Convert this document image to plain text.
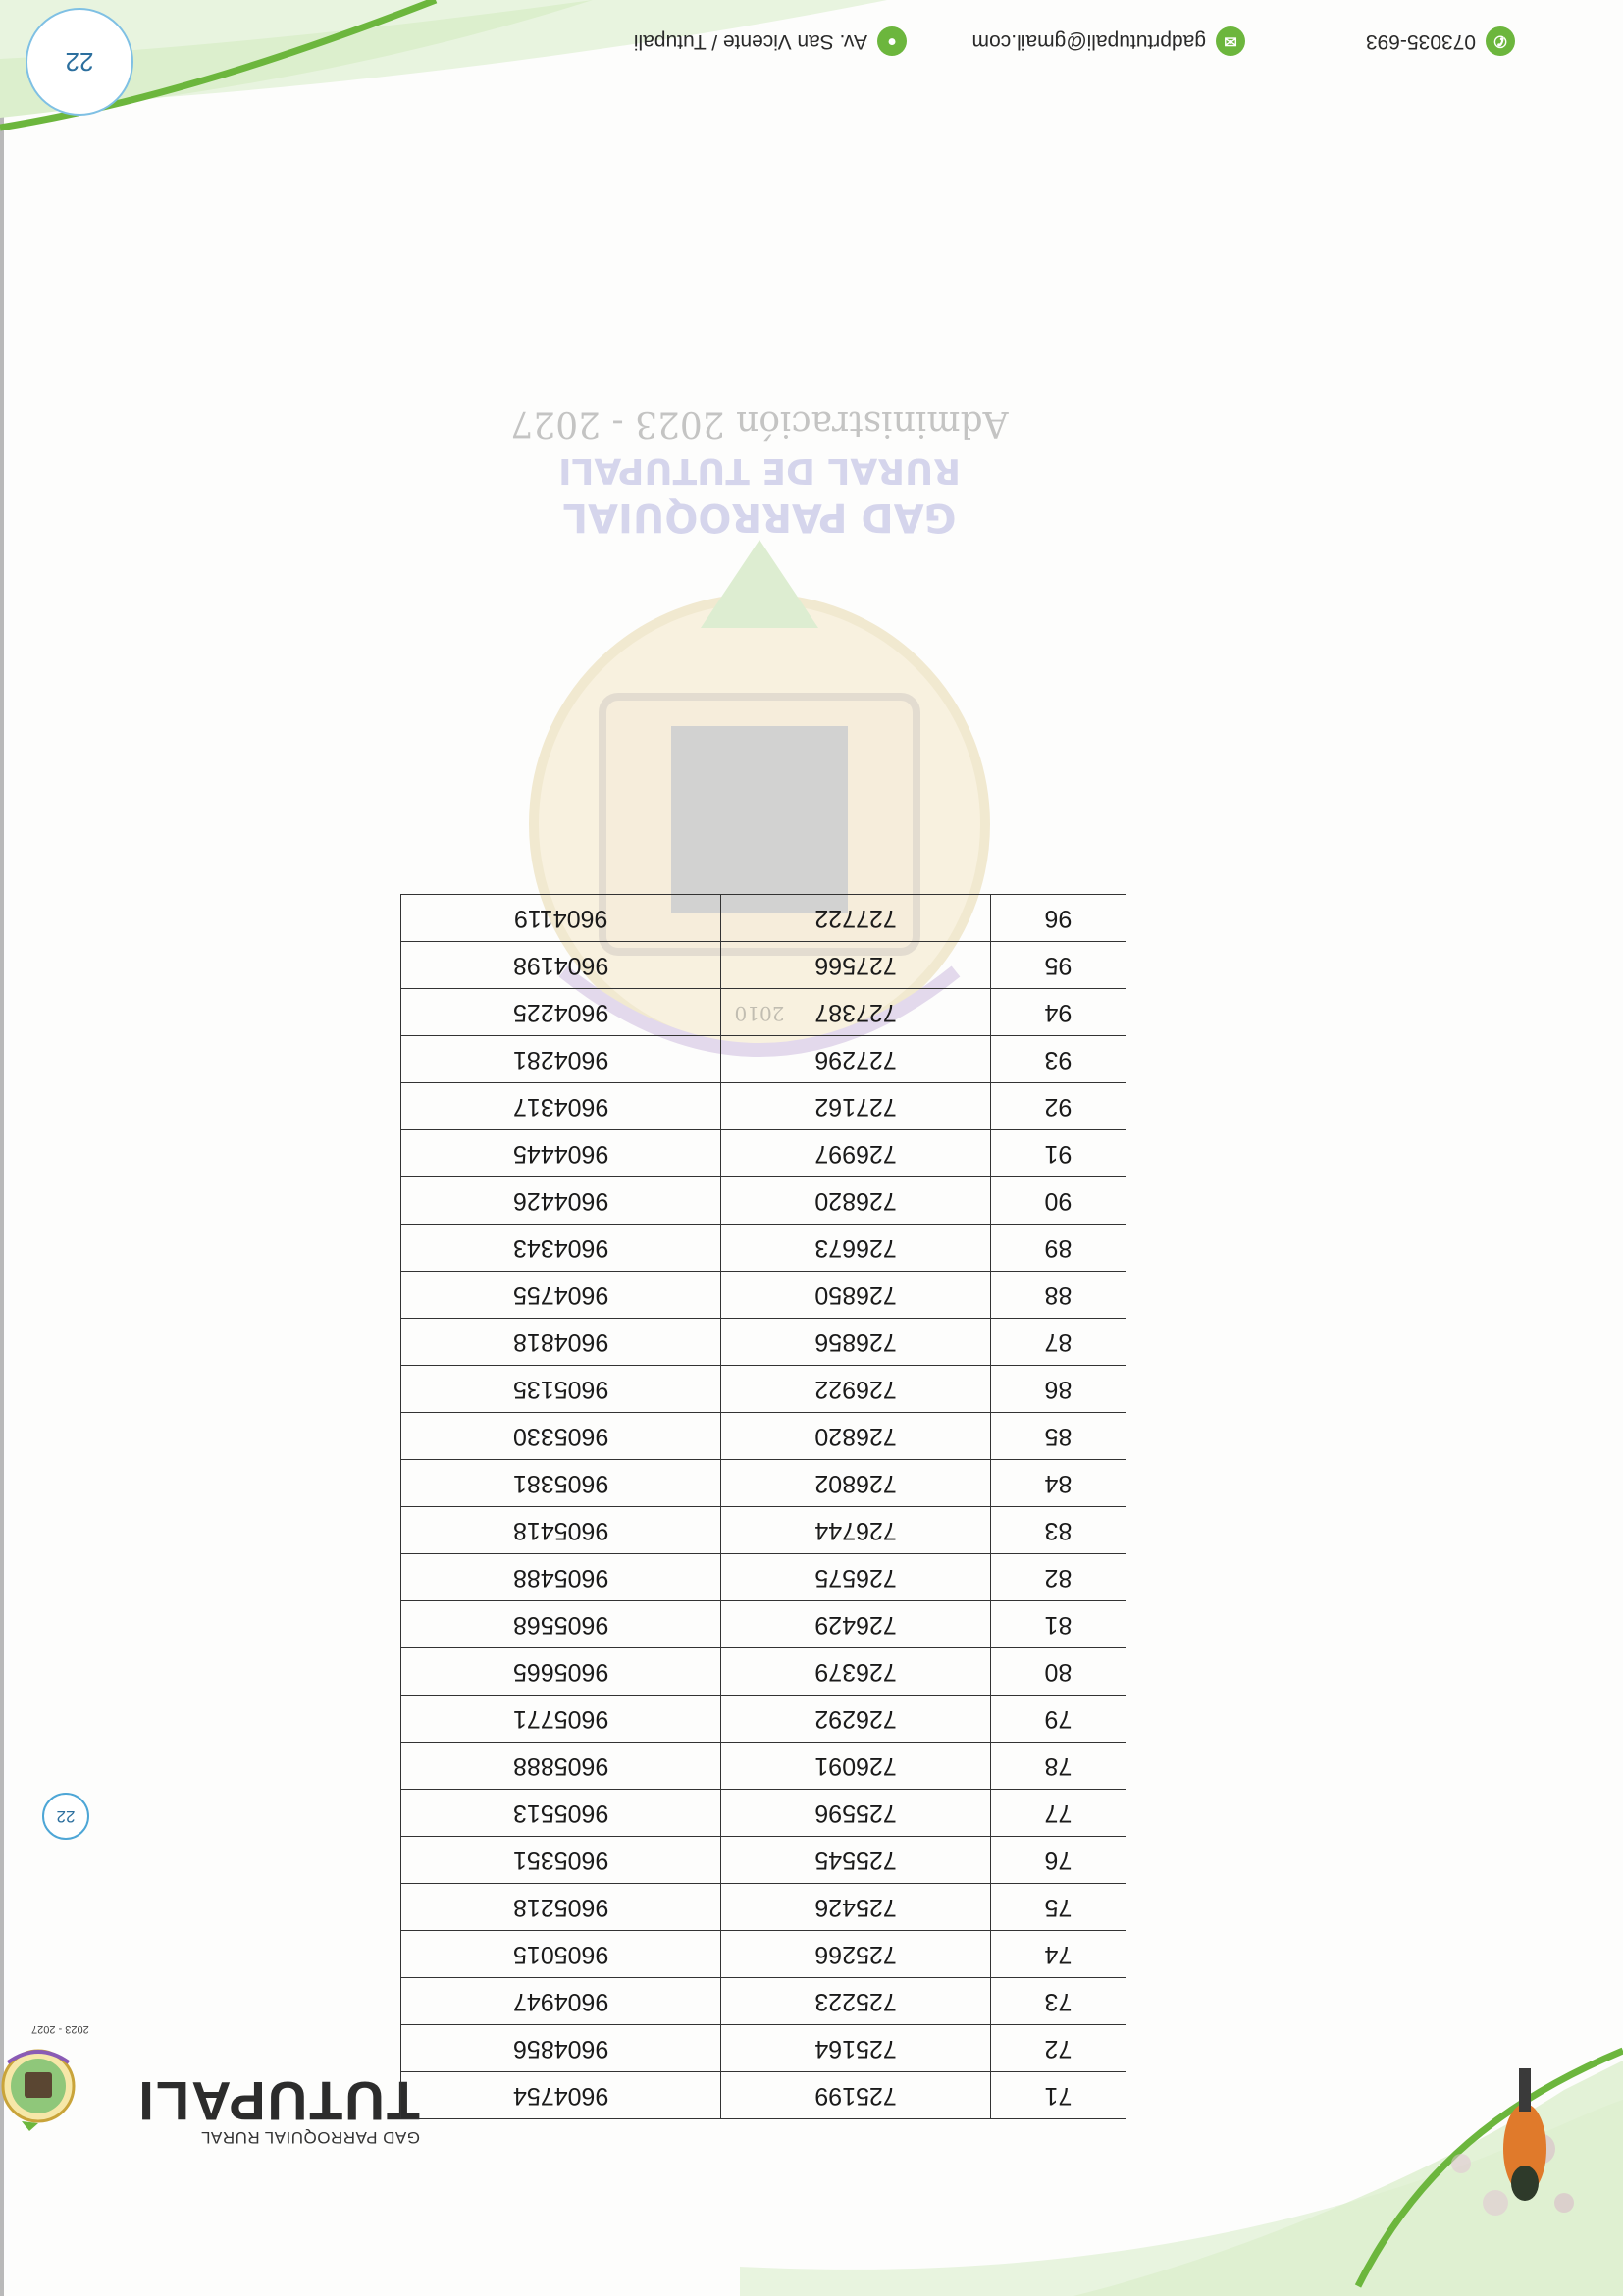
GAD PARROQUIAL RURAL
TUTUPALI
2023 - 2027
22
2010
GAD PARROQUIAL
RURAL DE TUTUPALI
Administración 2023 - 2027
71	725199	9604754
72	725164	9604856
73	725223	9604947
74	725266	9605015
75	725426	9605218
76	725545	9605351
77	725596	9605513
78	726091	9605888
79	726292	9605771
80	726379	9605665
81	726429	9605568
82	726575	9605488
83	726744	9605418
84	726802	9605381
85	726820	9605330
86	726922	9605135
87	726856	9604818
88	726850	9604755
89	726673	9604343
90	726820	9604426
91	726997	9604445
92	727162	9604317
93	727296	9604281
94	727387	9604225
95	727566	9604198
96	727722	9604119
22
✆
073035-693
✉
gadprtutupali@gmail.com
●
Av. San Vicente / Tutupali
